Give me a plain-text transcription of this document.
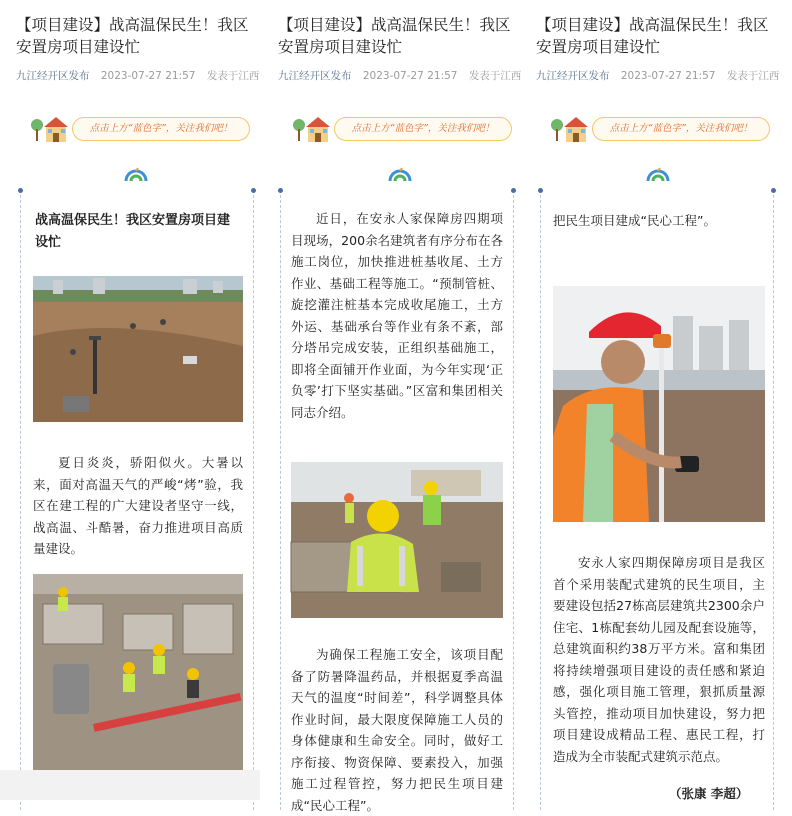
【项目建设】战高温保民生！我区安置房项目建设忙
九江经开区发布 2023-07-27 21:57 发表于江西
点击上方“蓝色字”，关注我们吧！
战高温保民生！我区安置房项目建设忙
夏日炎炎，骄阳似火。大暑以来，面对高温天气的严峻“烤”验，我区在建工程的广大建设者坚守一线，战高温、斗酷暑，奋力推进项目高质量建设。
【项目建设】战高温保民生！我区安置房项目建设忙
九江经开区发布 2023-07-27 21:57 发表于江西
点击上方“蓝色字”，关注我们吧！
近日，在安永人家保障房四期项目现场，200余名建筑者有序分布在各施工岗位，加快推进桩基收尾、土方作业、基础工程等施工。“预制管桩、旋挖灌注桩基本完成收尾施工，土方外运、基础承台等作业有条不紊，部分塔吊完成安装，正组织基础施工，即将全面铺开作业面，为今年实现‘正负零’打下坚实基础。”区富和集团相关同志介绍。
为确保工程施工安全，该项目配备了防暑降温药品，并根据夏季高温天气的温度“时间差”，科学调整具体作业时间，最大限度保障施工人员的身体健康和生命安全。同时，做好工序衔接、物资保障、要素投入，加强施工过程管控，努力把民生项目建成“民心工程”。
【项目建设】战高温保民生！我区安置房项目建设忙
九江经开区发布 2023-07-27 21:57 发表于江西
点击上方“蓝色字”，关注我们吧！
把民生项目建成“民心工程”。
安永人家四期保障房项目是我区首个采用装配式建筑的民生项目，主要建设包括27栋高层建筑共2300余户住宅、1栋配套幼儿园及配套设施等，总建筑面积约38万平方米。富和集团将持续增强项目建设的责任感和紧迫感，强化项目施工管理，狠抓质量源头管控，推动项目加快建设，努力把项目建设成精品工程、惠民工程，打造成为全市装配式建筑示范点。
（张康 李超）
